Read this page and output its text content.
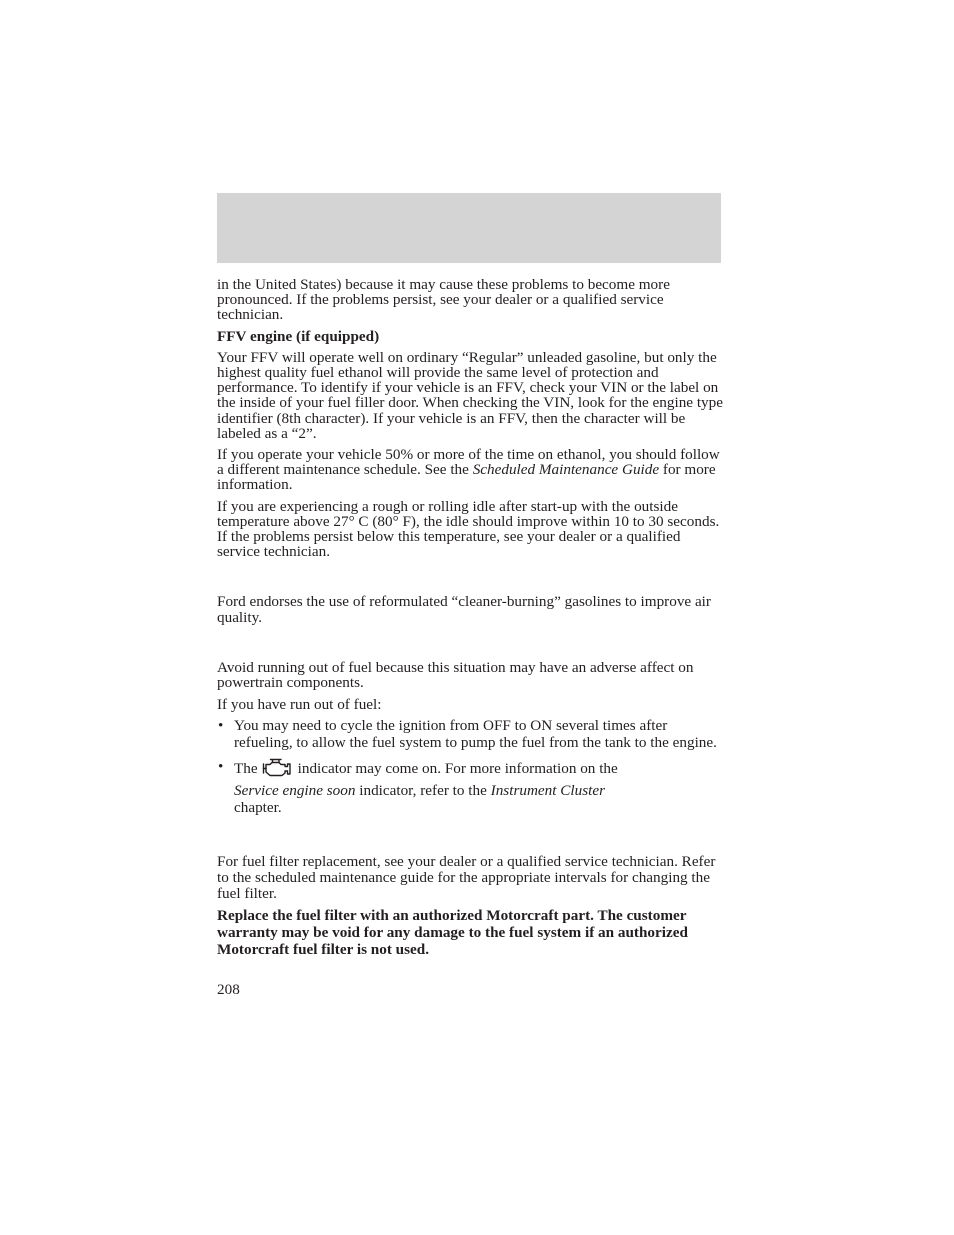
in the United States) because it may cause these problems to become more pronounced. If the problems persist, see your dealer or a qualified service technician.

FFV engine (if equipped)

Your FFV will operate well on ordinary “Regular” unleaded gasoline, but only the highest quality fuel ethanol will provide the same level of protection and performance. To identify if your vehicle is an FFV, check your VIN or the label on the inside of your fuel filler door. When checking the VIN, look for the engine type identifier (8th character). If your vehicle is an FFV, then the character will be labeled as a “2”.

If you operate your vehicle 50% or more of the time on ethanol, you should follow a different maintenance schedule. See the Scheduled Maintenance Guide for more information.

If you are experiencing a rough or rolling idle after start-up with the outside temperature above 27° C (80° F), the idle should improve within 10 to 30 seconds. If the problems persist below this temperature, see your dealer or a qualified service technician.

Ford endorses the use of reformulated “cleaner-burning” gasolines to improve air quality.

Avoid running out of fuel because this situation may have an adverse affect on powertrain components.

If you have run out of fuel:

• You may need to cycle the ignition from OFF to ON several times after refueling, to allow the fuel system to pump the fuel from the tank to the engine.
• The	indicator may come on. For more information on the
Service engine soon indicator, refer to the Instrument Cluster
chapter.

For fuel filter replacement, see your dealer or a qualified service technician. Refer to the scheduled maintenance guide for the appropriate intervals for changing the fuel filter.

Replace the fuel filter with an authorized Motorcraft part. The customer warranty may be void for any damage to the fuel system if an authorized Motorcraft fuel filter is not used.

208
